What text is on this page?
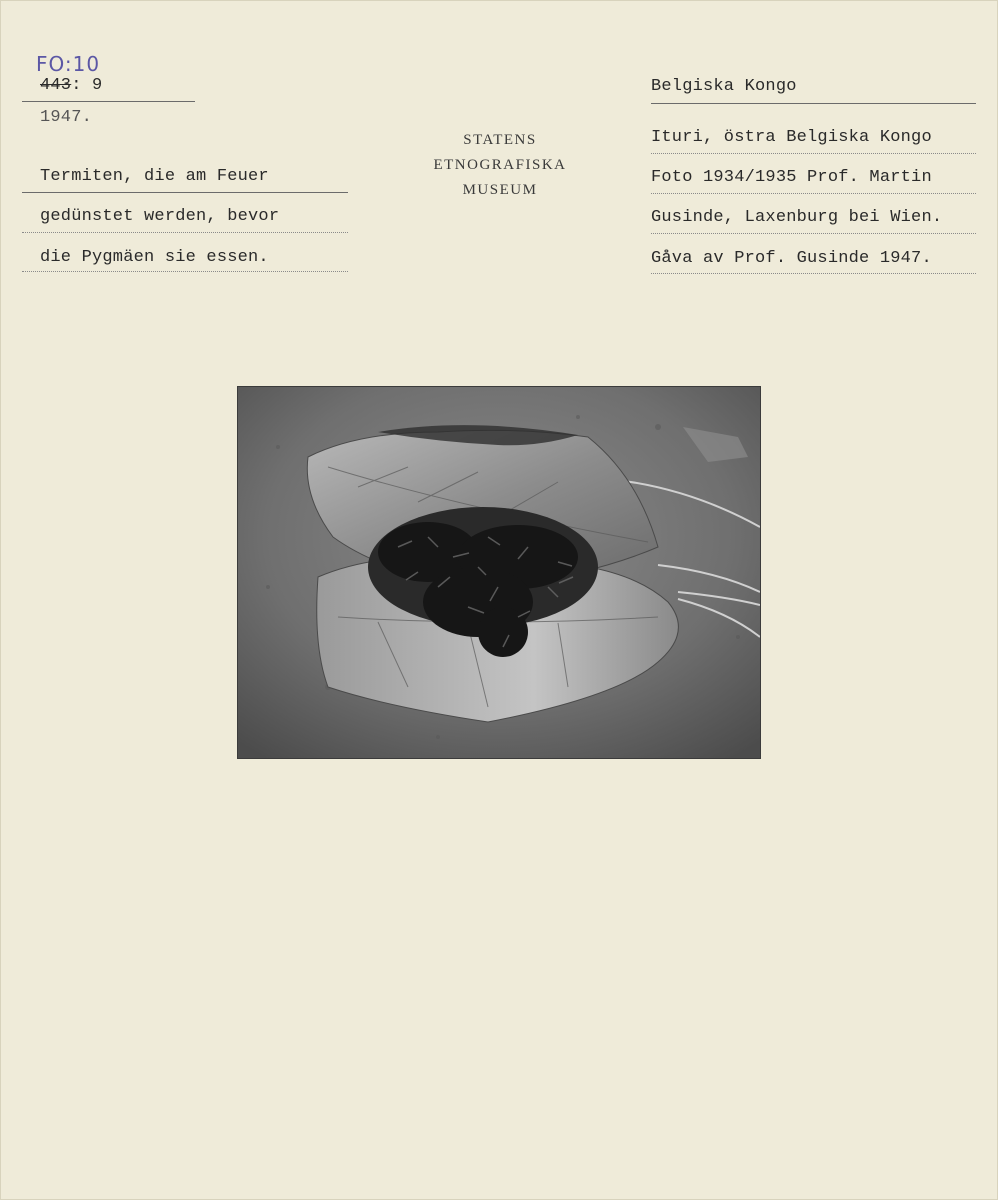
FO:10
443: 9
1947.
Termiten, die am Feuer
gedünstet werden, bevor
die Pygmäen sie essen.
STATENS
ETNOGRAFISKA
MUSEUM
Belgiska Kongo
Ituri, östra Belgiska Kongo
Foto 1934/1935 Prof. Martin
Gusinde, Laxenburg bei Wien.
Gåva av Prof. Gusinde 1947.
